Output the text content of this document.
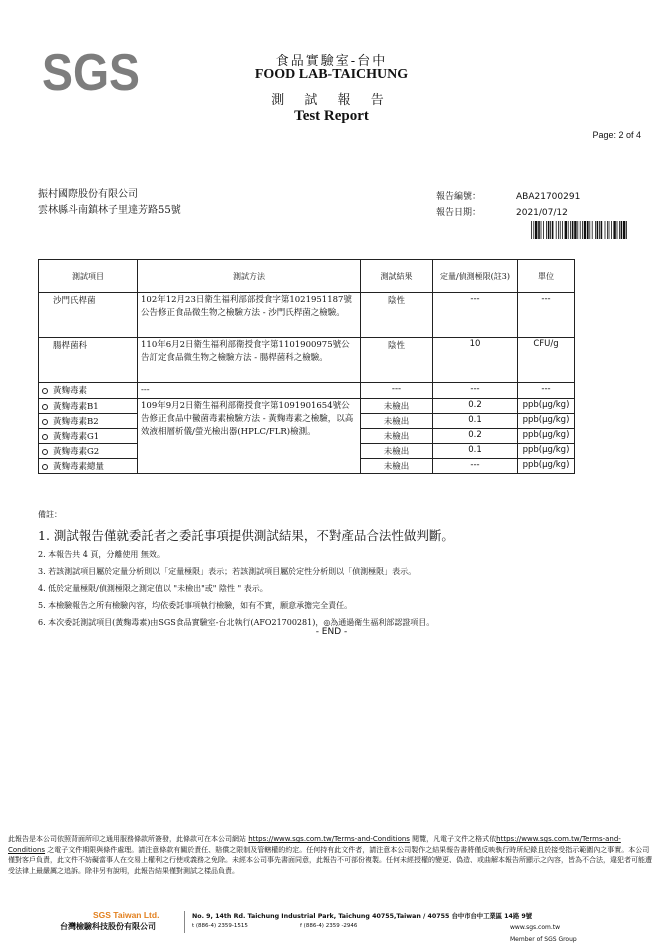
SGS	食品實驗室-台中
FOOD LAB-TAICHUNG
測 試 報 告
Test Report
Page: 2 of 4
振村國際股份有限公司
雲林縣斗南鎮林子里達芳路55號
報告編號：	ABA21700291
報告日期：	2021/07/12
測試項目	測試方法	測試結果	定量/偵測極限(註3)	單位
沙門氏桿菌	102年12月23日衛生福利部部授食字第1021951187號公告修正食品微生物之檢驗方法 - 沙門氏桿菌之檢驗。	陰性	---	---
腸桿菌科	110年6月2日衛生福利部衛授食字第1101900975號公告訂定食品微生物之檢驗方法 - 腸桿菌科之檢驗。	陰性	10	CFU/g
黃麴毒素	---	---	---	---
黃麴毒素B1	109年9月2日衛生福利部衛授食字第1091901654號公告修正食品中黴菌毒素檢驗方法 - 黃麴毒素之檢驗，以高效液相層析儀/螢光檢出器(HPLC/FLR)檢測。	未檢出	0.2	ppb(μg/kg)
黃麴毒素B2		未檢出	0.1	ppb(μg/kg)
黃麴毒素G1		未檢出	0.2	ppb(μg/kg)
黃麴毒素G2		未檢出	0.1	ppb(μg/kg)
黃麴毒素總量		未檢出	---	ppb(μg/kg)
備註：
1. 測試報告僅就委託者之委託事項提供測試結果，不對產品合法性做判斷。
2. 本報告共 4 頁，分離使用 無效。
3. 若該測試項目屬於定量分析則以「定量極限」表示；若該測試項目屬於定性分析則以「偵測極限」表示。
4. 低於定量極限/偵測極限之測定值以 "未檢出"或" 陰性 " 表示。
5. 本檢驗報告之所有檢驗內容，均依委託事項執行檢驗，如有不實，願意承擔完全責任。
6. 本次委託測試項目(黃麴毒素)由SGS食品實驗室-台北執行(AFO21700281)，◎為通過衛生福利部認證項目。
- END -
此報告是本公司依照背面所印之通用服務條款所簽發，此條款可在本公司網站 https://www.sgs.com.tw/Terms-and-Conditions 閱覽，凡電子文件之格式依https://www.sgs.com.tw/Terms-and-Conditions 之電子文件期限與條件處理。請注意條款有關於責任、賠償之限制及管轄權的約定。任何持有此文件者，請注意本公司製作之結果報告書將僅反映執行時所紀錄且於接受指示範圍內之事實。本公司僅對客戶負責，此文件不妨礙當事人在交易上權利之行使或義務之免除。未經本公司事先書面同意，此報告不可部份複製。任何未經授權的變更、偽造、或曲解本報告所顯示之內容，皆為不合法，違犯者可能遭受法律上最嚴厲之追訴。除非另有說明，此報告結果僅對測試之樣品負責。
SGS Taiwan Ltd.
台灣檢驗科技股份有限公司
No. 9, 14th Rd. Taichung Industrial Park, Taichung 40755,Taiwan / 40755 台中市台中工業區 14路 9號
t (886-4) 2359-1515	f (886-4) 2359 -2946	www.sgs.com.tw
Member of SGS Group
